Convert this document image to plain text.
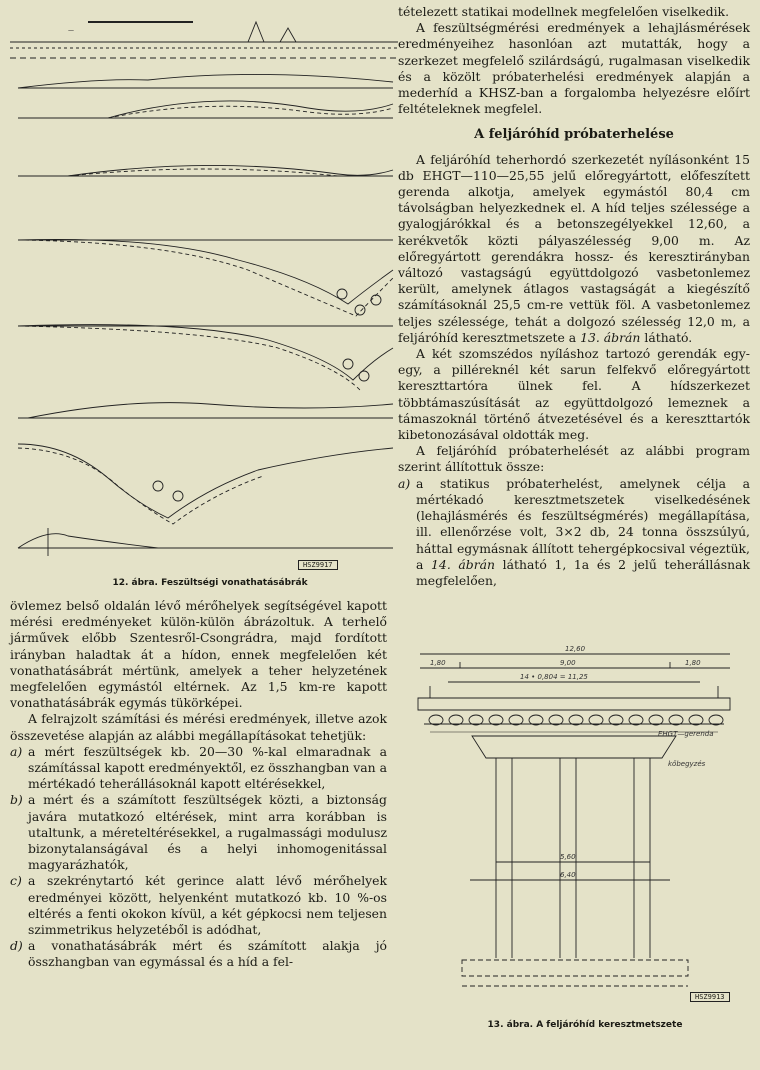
—
HSZ9917
12. ábra. Feszültségi vonathatásábrák

övlemez belső oldalán lévő mérőhelyek segítségével kapott mérési eredményeket külön-külön ábrázoltuk. A terhelő járművek előbb Szentesről-Csongrádra, majd fordított irányban haladtak át a hídon, ennek megfelelően két vonathatásábrát mértünk, amelyek a teher helyzetének megfelelően egymástól eltérnek. Az 1,5 km-re kapott vonathatásábrák egymás tükörképei.

A felrajzolt számítási és mérési eredmények, illetve azok összevetése alapján az alábbi megállapításokat tehetjük:

a) a mért feszültségek kb. 20—30 %-kal elmaradnak a számítással kapott eredményektől, ez összhangban van a mértékadó teherállásoknál kapott eltérésekkel,
b) a mért és a számított feszültségek közti, a biztonság javára mutatkozó eltérések, mint arra korábban is utaltunk, a méreteltérésekkel, a rugalmassági modulusz bizonytalanságával és a helyi inhomogenitással magyarázhatók,
c) a szekrénytartó két gerince alatt lévő mérőhelyek eredményei között, helyenként mutatkozó kb. 10 %-os eltérés a fenti okokon kívül, a két gépkocsi nem teljesen szimmetrikus helyzetéből is adódhat,
d) a vonathatásábrák mért és számított alakja jó összhangban van egymással és a híd a fel-

tételezett statikai modellnek megfelelően viselkedik.

A feszültségmérési eredmények a lehajlásmérések eredményeihez hasonlóan azt mutatták, hogy a szerkezet megfelelő szilárdságú, rugalmasan viselkedik és a közölt próbaterhelési eredmények alapján a mederhíd a KHSZ-ban a forgalomba helyezésre előírt feltételeknek megfelel.

A feljáróhíd próbaterhelése

A feljáróhíd teherhordó szerkezetét nyílásonként 15 db EHGT—110—25,55 jelű előregyártott, előfeszített gerenda alkotja, amelyek egymástól 80,4 cm távolságban helyezkednek el. A híd teljes szélessége a gyalogjárókkal és a betonszegélyekkel 12,60, a kerékvetők közti pályaszélesség 9,00 m. Az előregyártott gerendákra hossz- és keresztirányban változó vastagságú együttdolgozó vasbetonlemez került, amelynek átlagos vastagságát a kiegészítő számításoknál 25,5 cm-re vettük föl. A vasbetonlemez teljes szélessége, tehát a dolgozó szélesség 12,0 m, a feljáróhíd keresztmetszete a 13. ábrán látható.

A két szomszédos nyíláshoz tartozó gerendák egy-egy, a pilléreknél két sarun felfekvő előregyártott kereszttartóra ülnek fel. A hídszerkezet többtámaszúsítását az együttdolgozó lemeznek a támaszoknál történő átvezetésével és a kereszttartók kibetonozásával oldották meg.

A feljáróhíd próbaterhelését az alábbi program szerint állítottuk össze:

a) a statikus próbaterhelést, amelynek célja a mértékadó keresztmetszetek viselkedésének (lehajlásmérés és feszültségmérés) megállapítása, ill. ellenőrzése volt, 3×2 db, 24 tonna összsúlyú, háttal egymásnak állított tehergépkocsival végeztük, a 14. ábrán látható 1, 1a és 2 jelű teherállásnak megfelelően,
12,60
1,80	9,00	1,80
14 • 0,804 = 11,25
5,60
6,40
EHGT—gerenda
kőbegyzés
HSZ9913
13. ábra. A feljáróhíd keresztmetszete
